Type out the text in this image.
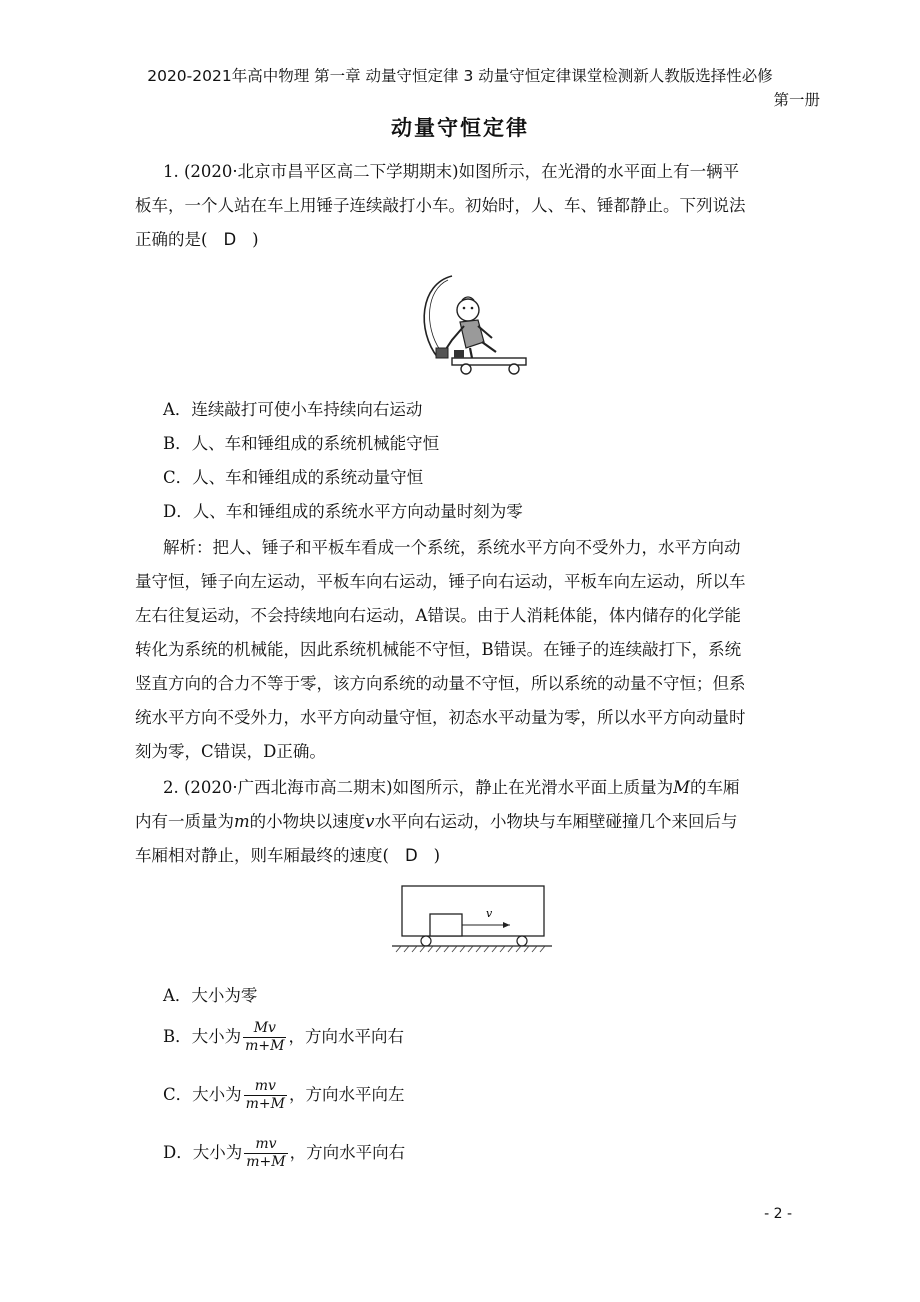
2020-2021年高中物理 第一章 动量守恒定律 3 动量守恒定律课堂检测新人教版选择性必修
第一册
动量守恒定律
1. (2020·北京市昌平区高二下学期期末)如图所示，在光滑的水平面上有一辆平
板车，一个人站在车上用锤子连续敲打小车。初始时，人、车、锤都静止。下列说法
正确的是( D )
A．连续敲打可使小车持续向右运动
B．人、车和锤组成的系统机械能守恒
C．人、车和锤组成的系统动量守恒
D．人、车和锤组成的系统水平方向动量时刻为零
解析：把人、锤子和平板车看成一个系统，系统水平方向不受外力，水平方向动
量守恒，锤子向左运动，平板车向右运动，锤子向右运动，平板车向左运动，所以车
左右往复运动，不会持续地向右运动，A错误。由于人消耗体能，体内储存的化学能
转化为系统的机械能，因此系统机械能不守恒，B错误。在锤子的连续敲打下，系统
竖直方向的合力不等于零，该方向系统的动量不守恒，所以系统的动量不守恒；但系
统水平方向不受外力，水平方向动量守恒，初态水平动量为零，所以水平方向动量时
刻为零，C错误，D正确。
2. (2020·广西北海市高二期末)如图所示，静止在光滑水平面上质量为M的车厢
内有一质量为m的小物块以速度v水平向右运动，小物块与车厢壁碰撞几个来回后与
车厢相对静止，则车厢最终的速度( D )
v
A．大小为零
B．大小为 $\frac{Mv}{m+M}$ ，方向水平向右
C．大小为 $\frac{mv}{m+M}$ ，方向水平向左
D．大小为 $\frac{mv}{m+M}$ ，方向水平向右
- 2 -
